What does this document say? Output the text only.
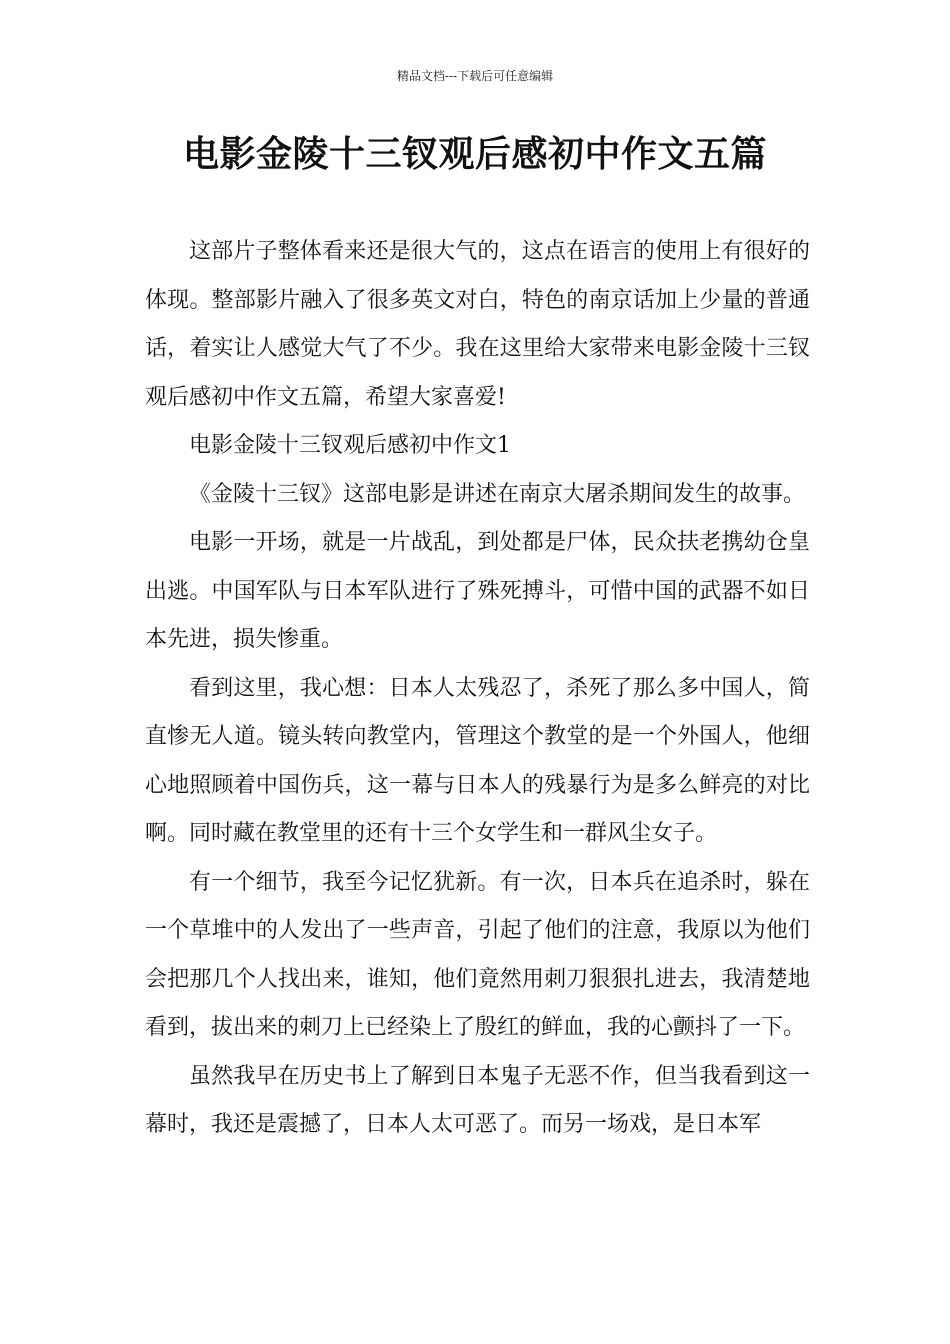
精品文档---下载后可任意编辑
电影金陵十三钗观后感初中作文五篇

这部片子整体看来还是很大气的，这点在语言的使用上有很好的体现。整部影片融入了很多英文对白，特色的南京话加上少量的普通话，着实让人感觉大气了不少。我在这里给大家带来电影金陵十三钗观后感初中作文五篇，希望大家喜爱!

电影金陵十三钗观后感初中作文1

《金陵十三钗》这部电影是讲述在南京大屠杀期间发生的故事。

电影一开场，就是一片战乱，到处都是尸体，民众扶老携幼仓皇出逃。中国军队与日本军队进行了殊死搏斗，可惜中国的武器不如日本先进，损失惨重。

看到这里，我心想：日本人太残忍了，杀死了那么多中国人，简直惨无人道。镜头转向教堂内，管理这个教堂的是一个外国人，他细心地照顾着中国伤兵，这一幕与日本人的残暴行为是多么鲜亮的对比啊。同时藏在教堂里的还有十三个女学生和一群风尘女子。

有一个细节，我至今记忆犹新。有一次，日本兵在追杀时，躲在一个草堆中的人发出了一些声音，引起了他们的注意，我原以为他们会把那几个人找出来，谁知，他们竟然用刺刀狠狠扎进去，我清楚地看到，拔出来的刺刀上已经染上了殷红的鲜血，我的心颤抖了一下。

虽然我早在历史书上了解到日本鬼子无恶不作，但当我看到这一幕时，我还是震撼了，日本人太可恶了。而另一场戏，是日本军
